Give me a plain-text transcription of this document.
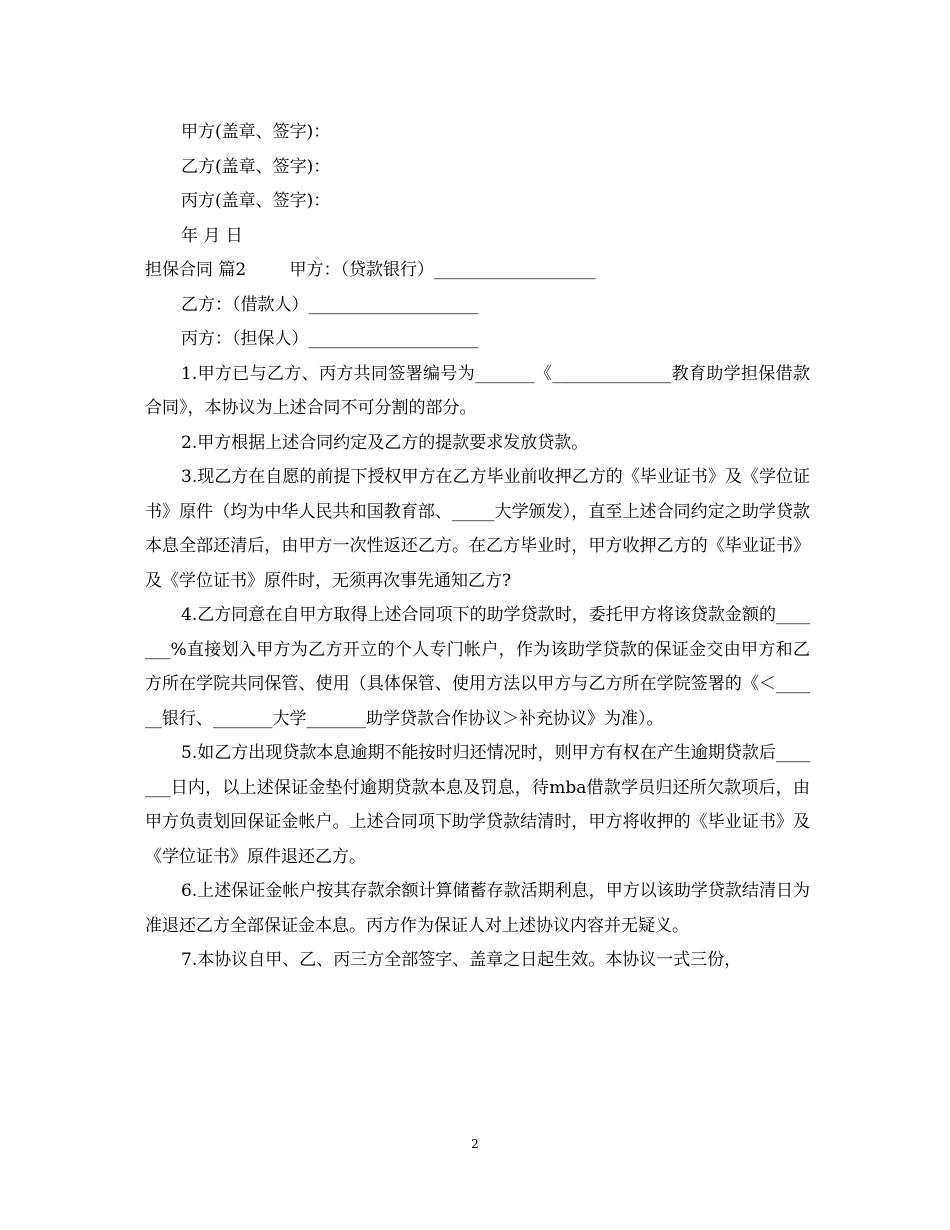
甲方(盖章、签字)：

乙方(盖章、签字)：

丙方(盖章、签字)：

年 月 日

担保合同 篇2        甲方：（贷款银行）___________________

乙方：（借款人）____________________

丙方：（担保人）____________________

1.甲方已与乙方、丙方共同签署编号为_______《______________教育助学担保借款合同》，本协议为上述合同不可分割的部分。

2.甲方根据上述合同约定及乙方的提款要求发放贷款。

3.现乙方在自愿的前提下授权甲方在乙方毕业前收押乙方的《毕业证书》及《学位证书》原件（均为中华人民共和国教育部、_____大学颁发），直至上述合同约定之助学贷款本息全部还清后，由甲方一次性返还乙方。在乙方毕业时，甲方收押乙方的《毕业证书》及《学位证书》原件时，无须再次事先通知乙方?

4.乙方同意在自甲方取得上述合同项下的助学贷款时，委托甲方将该贷款金额的_______%直接划入甲方为乙方开立的个人专门帐户，作为该助学贷款的保证金交由甲方和乙方所在学院共同保管、使用（具体保管、使用方法以甲方与乙方所在学院签署的《＜______银行、_______大学_______助学贷款合作协议＞补充协议》为准）。

5.如乙方出现贷款本息逾期不能按时归还情况时，则甲方有权在产生逾期贷款后_______日内，以上述保证金垫付逾期贷款本息及罚息，待mba借款学员归还所欠款项后，由甲方负责划回保证金帐户。上述合同项下助学贷款结清时，甲方将收押的《毕业证书》及《学位证书》原件退还乙方。

6.上述保证金帐户按其存款余额计算储蓄存款活期利息，甲方以该助学贷款结清日为准退还乙方全部保证金本息。丙方作为保证人对上述协议内容并无疑义。

7.本协议自甲、乙、丙三方全部签字、盖章之日起生效。本协议一式三份，

2
